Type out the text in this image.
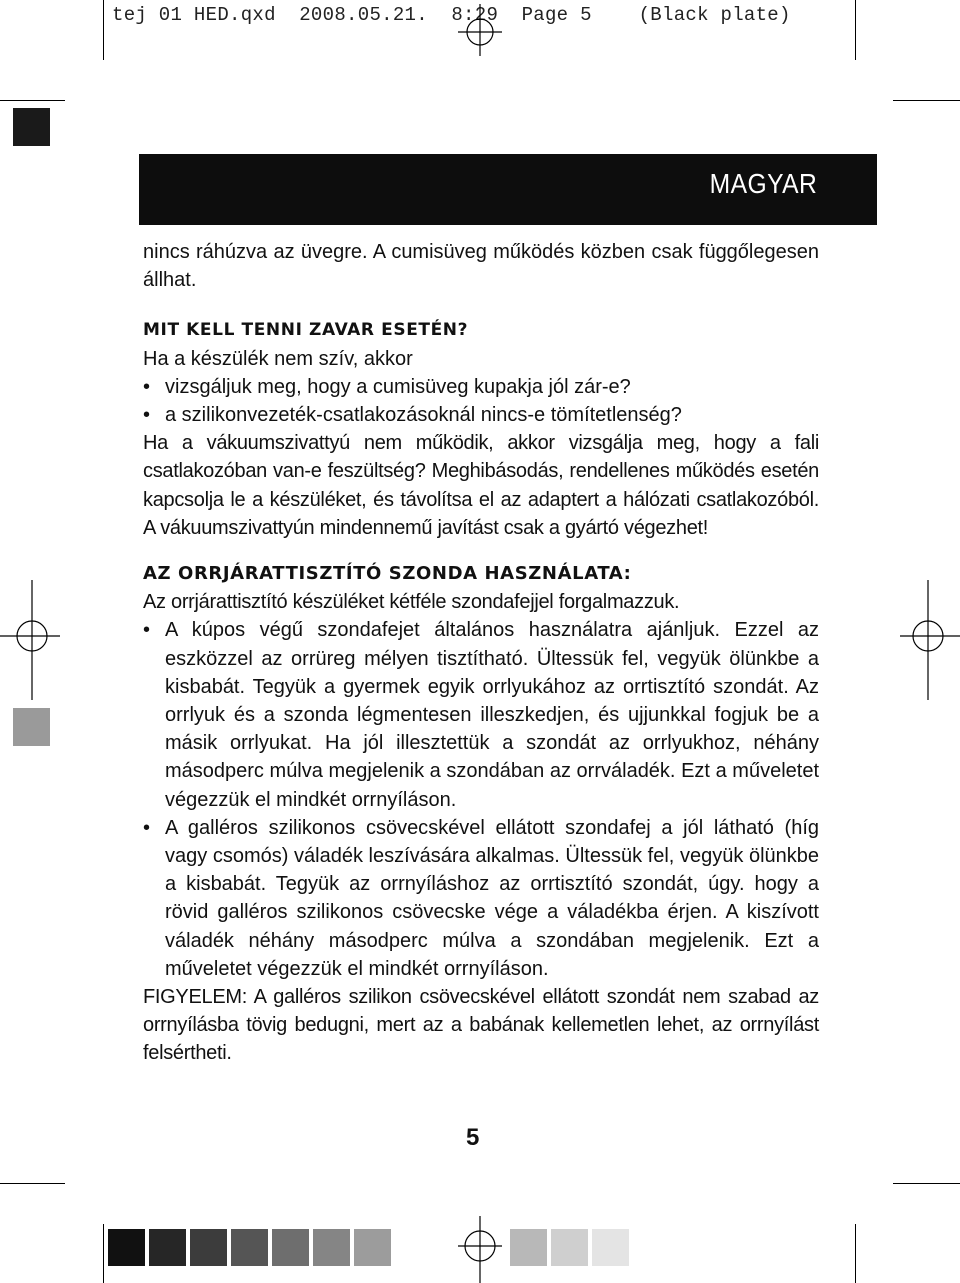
tej 01 HED.qxd  2008.05.21.  8:29  Page 5    (Black plate)
MAGYAR

nincs ráhúzva az üvegre. A cumisüveg működés közben csak függőlegesen állhat.

MIT KELL TENNI ZAVAR ESETÉN?

Ha a készülék nem szív, akkor

• vizsgáljuk meg, hogy a cumisüveg kupakja jól zár-e?
• a szilikonvezeték-csatlakozásoknál nincs-e tömítetlenség?

Ha a vákuumszivattyú nem működik, akkor vizsgálja meg, hogy a fali csatlakozóban van-e feszültség? Meghibásodás, rendellenes működés esetén kapcsolja le a készüléket, és távolítsa el az adaptert a hálózati csatlakozóból. A vákuumszivattyún mindennemű javítást csak a gyártó végezhet!

AZ ORRJÁRATTISZTÍTÓ SZONDA HASZNÁLATA:

Az orrjárattisztító készüléket kétféle szondafejjel forgalmazzuk.

• A kúpos végű szondafejet általános használatra ajánljuk. Ezzel az eszközzel az orrüreg mélyen tisztítható. Ültessük fel, vegyük ölünkbe a kisbabát. Tegyük a gyermek egyik orrlyukához az orrtisztító szondát. Az orrlyuk és a szonda légmentesen illeszkedjen, és ujjunkkal fogjuk be a másik orrlyukat. Ha jól illesztettük a szondát az orrlyukhoz, néhány másodperc múlva megjelenik a szondában az orrváladék. Ezt a műveletet végezzük el mindkét orrnyíláson.
• A galléros szilikonos csövecskével ellátott szondafej a jól látható (híg vagy csomós) váladék leszívására alkalmas. Ültessük fel, vegyük ölünkbe a kisbabát. Tegyük az orrnyíláshoz az orrtisztító szondát, úgy. hogy a rövid galléros szilikonos csövecske vége a váladékba érjen. A kiszívott váladék néhány másodperc múlva a szondában megjelenik. Ezt a műveletet végezzük el mindkét orrnyíláson.

FIGYELEM: A galléros szilikon csövecskével ellátott szondát nem szabad az orrnyílásba tövig bedugni, mert az a babának kellemetlen lehet, az orrnyílást felsértheti.

5
